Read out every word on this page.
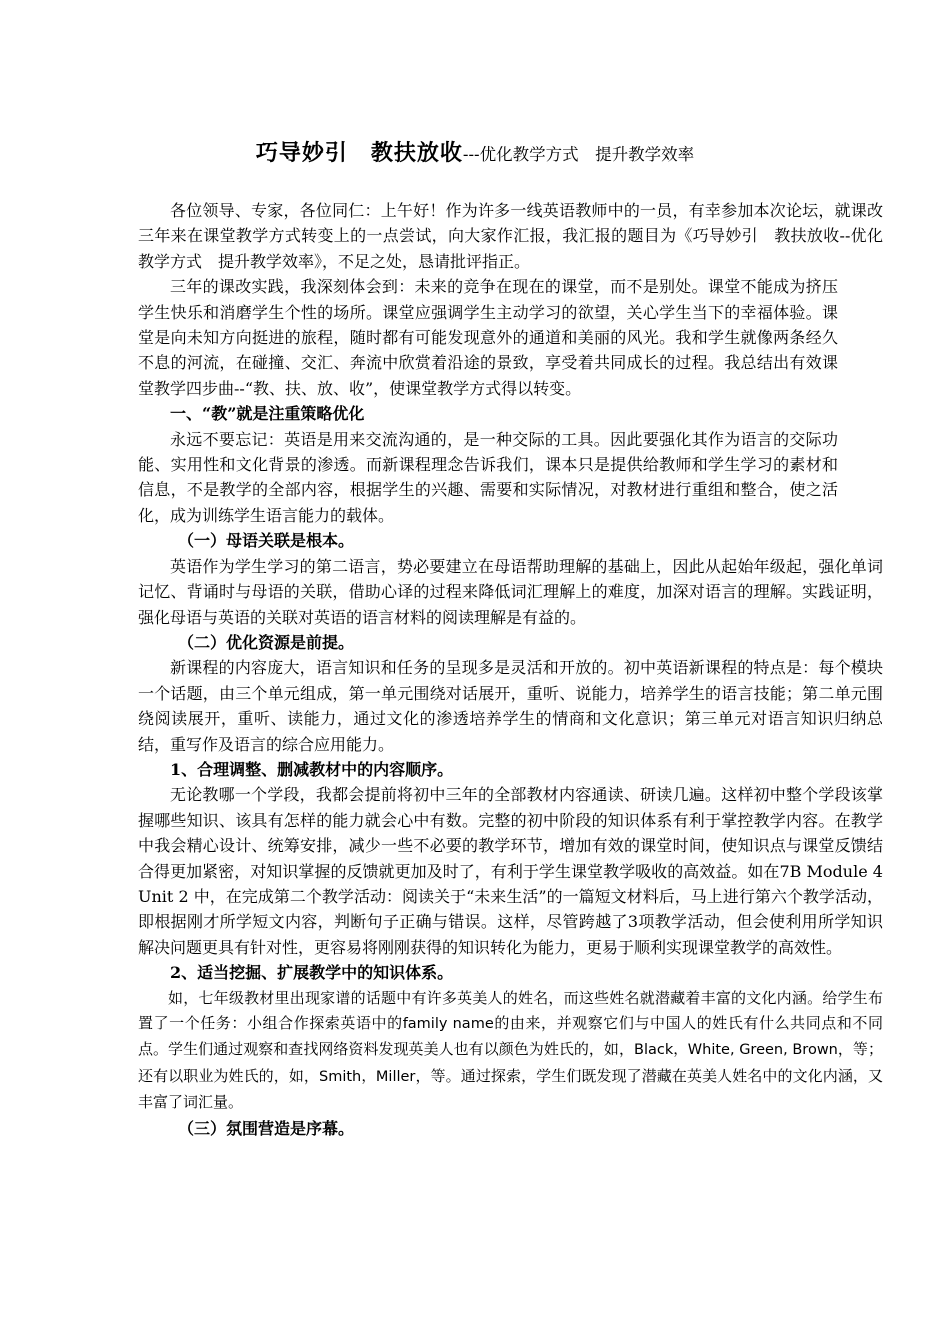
巧导妙引　教扶放收---优化教学方式　提升教学效率

各位领导、专家，各位同仁：上午好！作为许多一线英语教师中的一员，有幸参加本次论坛，就课改三年来在课堂教学方式转变上的一点尝试，向大家作汇报，我汇报的题目为《巧导妙引　教扶放收--优化教学方式　提升教学效率》，不足之处，恳请批评指正。

三年的课改实践，我深刻体会到：未来的竞争在现在的课堂，而不是别处。课堂不能成为挤压学生快乐和消磨学生个性的场所。课堂应强调学生主动学习的欲望，关心学生当下的幸福体验。课堂是向未知方向挺进的旅程，随时都有可能发现意外的通道和美丽的风光。我和学生就像两条经久不息的河流，在碰撞、交汇、奔流中欣赏着沿途的景致，享受着共同成长的过程。我总结出有效课堂教学四步曲--“教、扶、放、收”，使课堂教学方式得以转变。

一、“教”就是注重策略优化

永远不要忘记：英语是用来交流沟通的，是一种交际的工具。因此要强化其作为语言的交际功能、实用性和文化背景的渗透。而新课程理念告诉我们，课本只是提供给教师和学生学习的素材和信息，不是教学的全部内容，根据学生的兴趣、需要和实际情况，对教材进行重组和整合，使之活化，成为训练学生语言能力的载体。

（一）母语关联是根本。

英语作为学生学习的第二语言，势必要建立在母语帮助理解的基础上，因此从起始年级起，强化单词记忆、背诵时与母语的关联，借助心译的过程来降低词汇理解上的难度，加深对语言的理解。实践证明，强化母语与英语的关联对英语的语言材料的阅读理解是有益的。

（二）优化资源是前提。

新课程的内容庞大，语言知识和任务的呈现多是灵活和开放的。初中英语新课程的特点是：每个模块一个话题，由三个单元组成，第一单元围绕对话展开，重听、说能力，培养学生的语言技能；第二单元围绕阅读展开，重听、读能力，通过文化的渗透培养学生的情商和文化意识；第三单元对语言知识归纳总结，重写作及语言的综合应用能力。

1、合理调整、删减教材中的内容顺序。

无论教哪一个学段，我都会提前将初中三年的全部教材内容通读、研读几遍。这样初中整个学段该掌握哪些知识、该具有怎样的能力就会心中有数。完整的初中阶段的知识体系有利于掌控教学内容。在教学中我会精心设计、统筹安排，减少一些不必要的教学环节，增加有效的课堂时间，使知识点与课堂反馈结合得更加紧密，对知识掌握的反馈就更加及时了，有利于学生课堂教学吸收的高效益。如在7B Module 4 Unit 2 中，在完成第二个教学活动：阅读关于“未来生活”的一篇短文材料后，马上进行第六个教学活动，即根据刚才所学短文内容，判断句子正确与错误。这样，尽管跨越了3项教学活动，但会使利用所学知识解决问题更具有针对性，更容易将刚刚获得的知识转化为能力，更易于顺利实现课堂教学的高效性。

2、适当挖掘、扩展教学中的知识体系。

如，七年级教材里出现家谱的话题中有许多英美人的姓名，而这些姓名就潜藏着丰富的文化内涵。给学生布置了一个任务：小组合作探索英语中的family name的由来，并观察它们与中国人的姓氏有什么共同点和不同点。学生们通过观察和查找网络资料发现英美人也有以颜色为姓氏的，如，Black，White, Green, Brown，等；还有以职业为姓氏的，如，Smith，Miller，等。通过探索，学生们既发现了潜藏在英美人姓名中的文化内涵，又丰富了词汇量。

（三）氛围营造是序幕。
